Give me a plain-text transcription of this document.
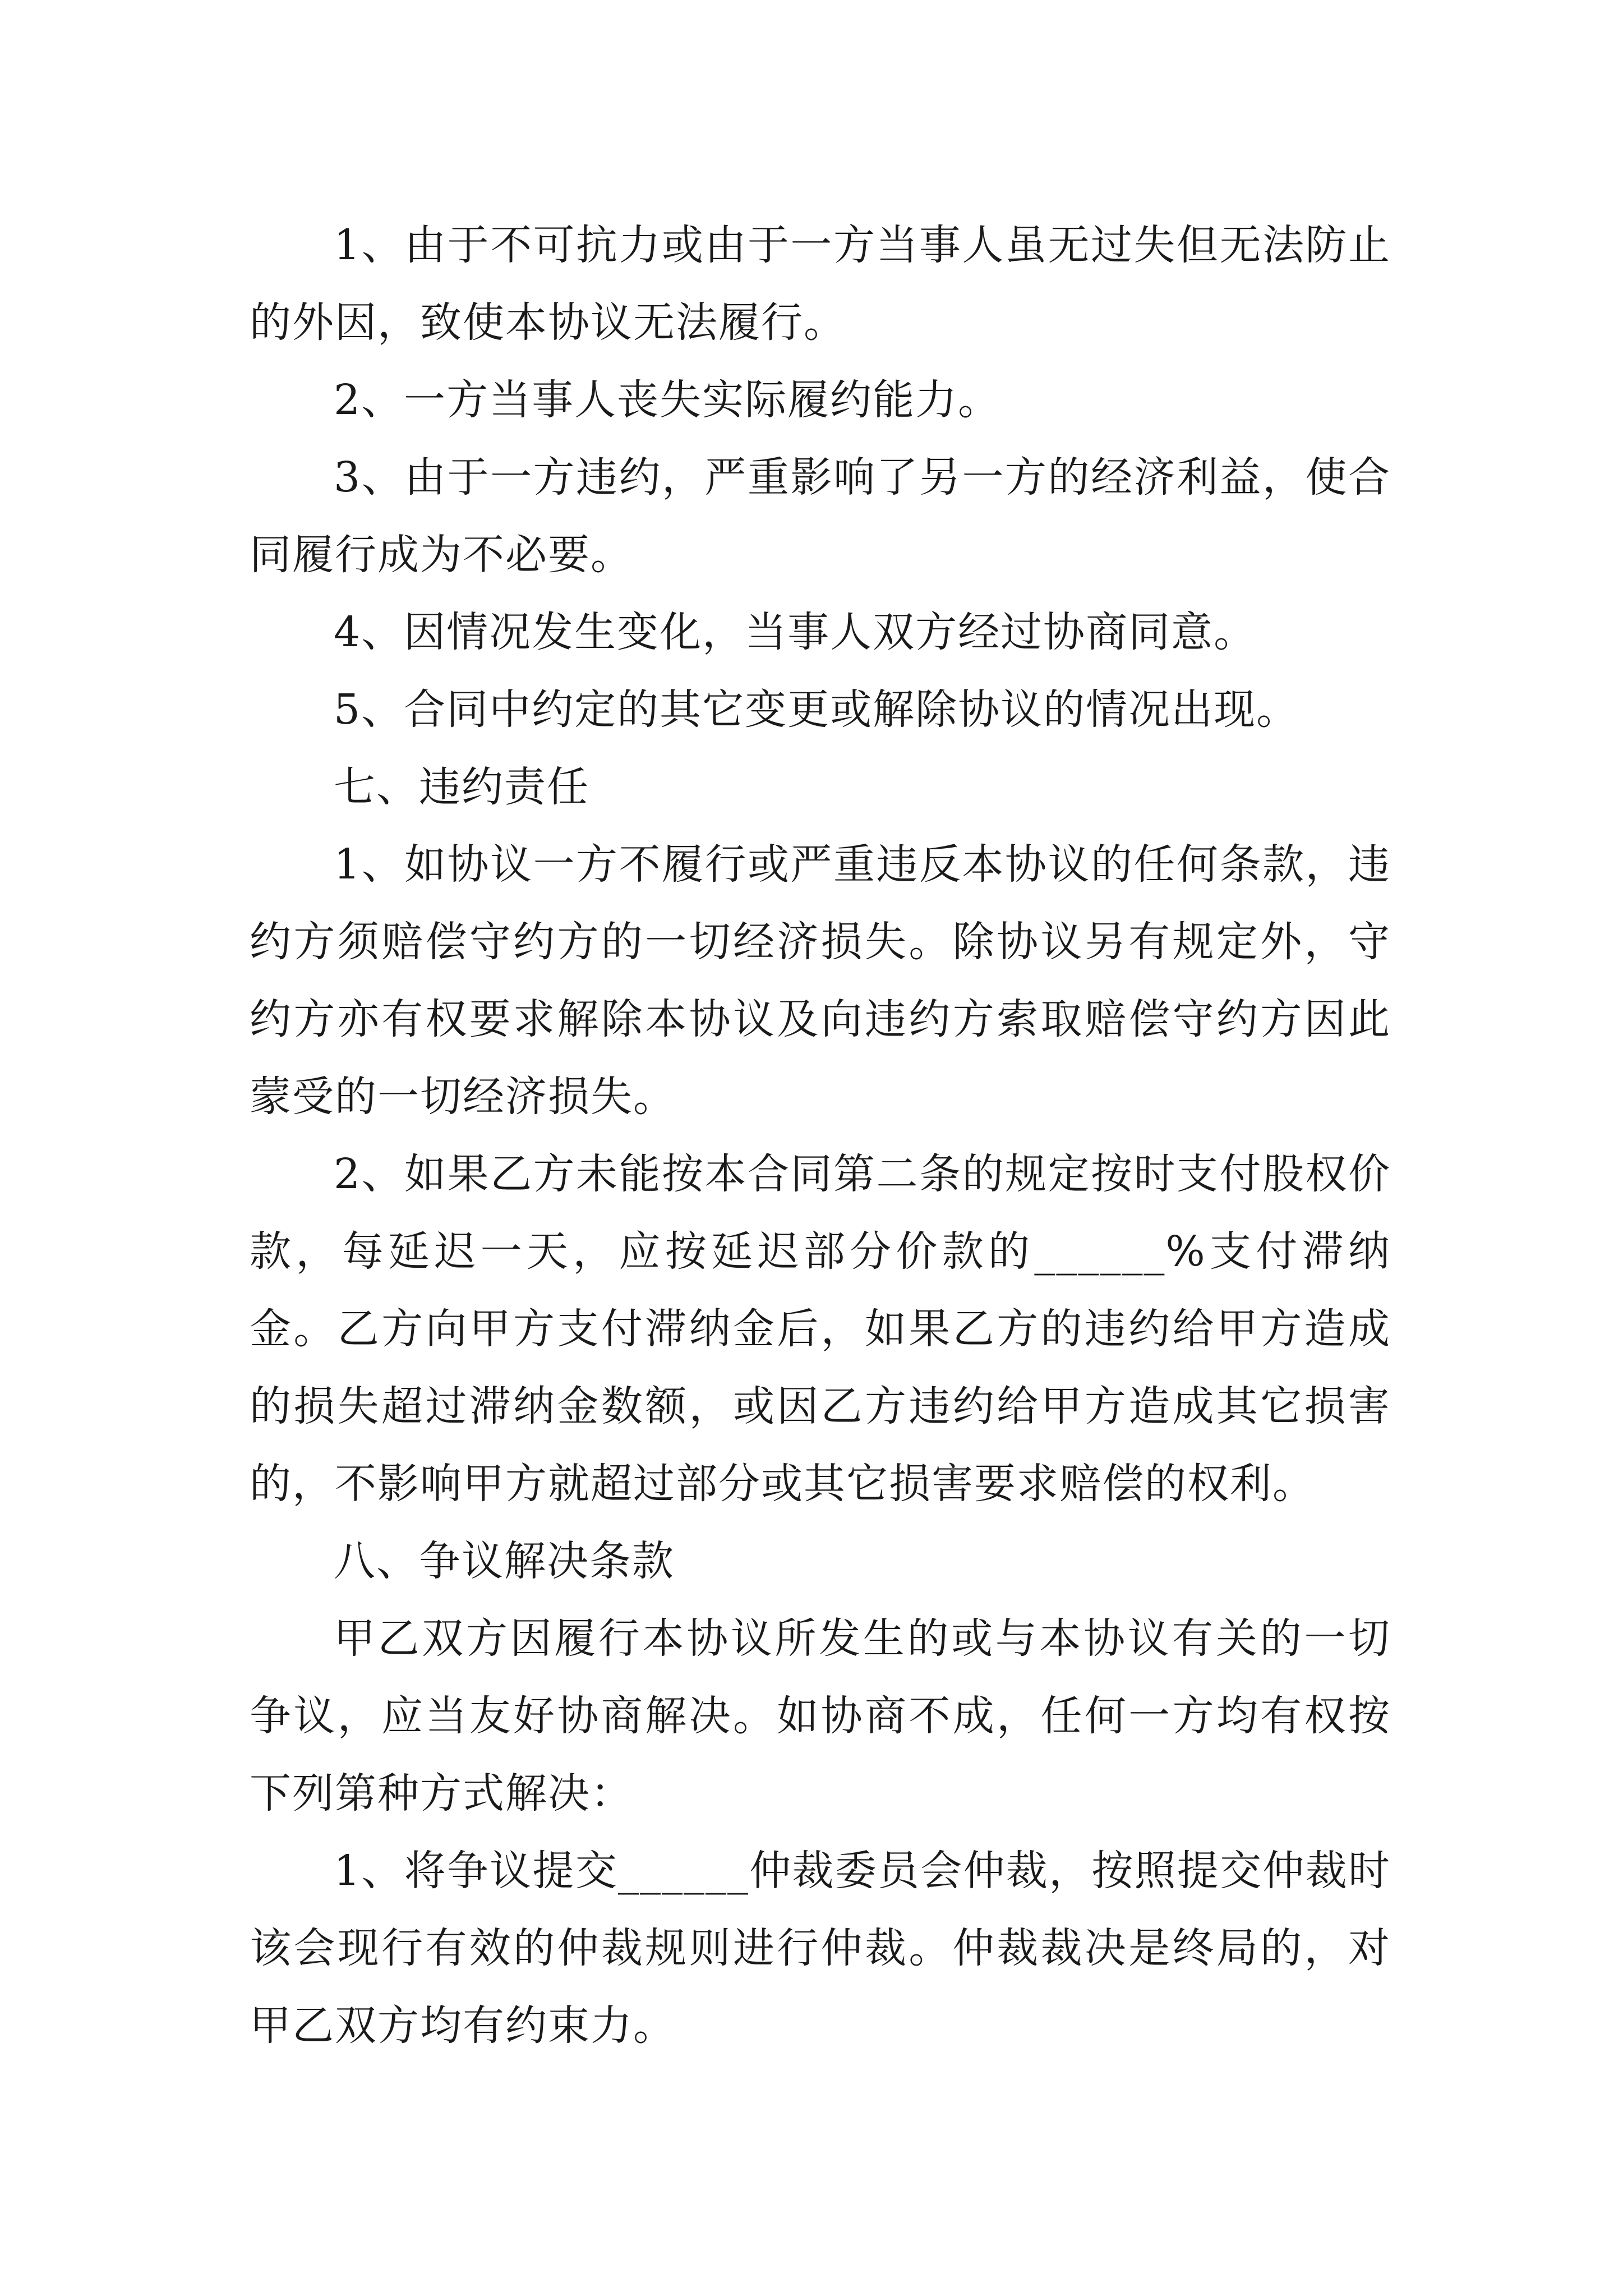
1、由于不可抗力或由于一方当事人虽无过失但无法防止的外因，致使本协议无法履行。

2、一方当事人丧失实际履约能力。

3、由于一方违约，严重影响了另一方的经济利益，使合同履行成为不必要。

4、因情况发生变化，当事人双方经过协商同意。

5、合同中约定的其它变更或解除协议的情况出现。

七、违约责任

1、如协议一方不履行或严重违反本协议的任何条款，违约方须赔偿守约方的一切经济损失。除协议另有规定外，守约方亦有权要求解除本协议及向违约方索取赔偿守约方因此蒙受的一切经济损失。

2、如果乙方未能按本合同第二条的规定按时支付股权价款，每延迟一天，应按延迟部分价款的______%支付滞纳金。乙方向甲方支付滞纳金后，如果乙方的违约给甲方造成的损失超过滞纳金数额，或因乙方违约给甲方造成其它损害的，不影响甲方就超过部分或其它损害要求赔偿的权利。

八、争议解决条款

甲乙双方因履行本协议所发生的或与本协议有关的一切争议，应当友好协商解决。如协商不成，任何一方均有权按下列第种方式解决：

1、将争议提交______仲裁委员会仲裁，按照提交仲裁时该会现行有效的仲裁规则进行仲裁。仲裁裁决是终局的，对甲乙双方均有约束力。
